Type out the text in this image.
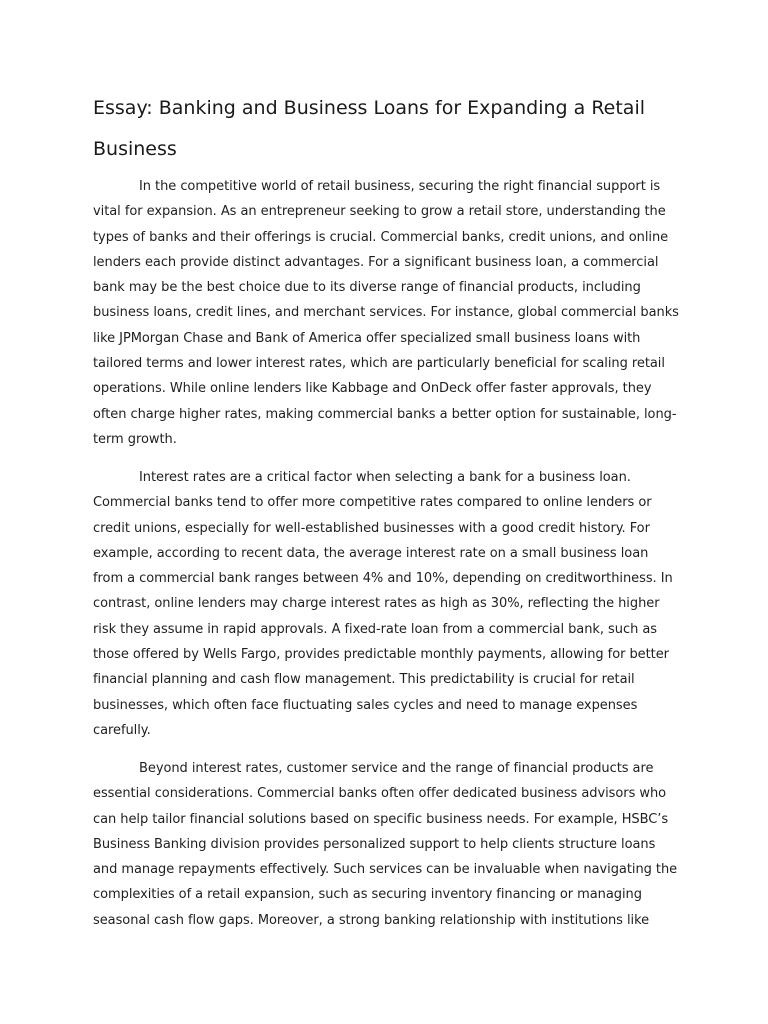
Essay: Banking and Business Loans for Expanding a Retail Business

In the competitive world of retail business, securing the right financial support is vital for expansion. As an entrepreneur seeking to grow a retail store, understanding the types of banks and their offerings is crucial. Commercial banks, credit unions, and online lenders each provide distinct advantages. For a significant business loan, a commercial bank may be the best choice due to its diverse range of financial products, including business loans, credit lines, and merchant services. For instance, global commercial banks like JPMorgan Chase and Bank of America offer specialized small business loans with tailored terms and lower interest rates, which are particularly beneficial for scaling retail operations. While online lenders like Kabbage and OnDeck offer faster approvals, they often charge higher rates, making commercial banks a better option for sustainable, long-term growth.

Interest rates are a critical factor when selecting a bank for a business loan. Commercial banks tend to offer more competitive rates compared to online lenders or credit unions, especially for well-established businesses with a good credit history. For example, according to recent data, the average interest rate on a small business loan from a commercial bank ranges between 4% and 10%, depending on creditworthiness. In contrast, online lenders may charge interest rates as high as 30%, reflecting the higher risk they assume in rapid approvals. A fixed-rate loan from a commercial bank, such as those offered by Wells Fargo, provides predictable monthly payments, allowing for better financial planning and cash flow management. This predictability is crucial for retail businesses, which often face fluctuating sales cycles and need to manage expenses carefully.

Beyond interest rates, customer service and the range of financial products are essential considerations. Commercial banks often offer dedicated business advisors who can help tailor financial solutions based on specific business needs. For example, HSBC’s Business Banking division provides personalized support to help clients structure loans and manage repayments effectively. Such services can be invaluable when navigating the complexities of a retail expansion, such as securing inventory financing or managing seasonal cash flow gaps. Moreover, a strong banking relationship with institutions like
